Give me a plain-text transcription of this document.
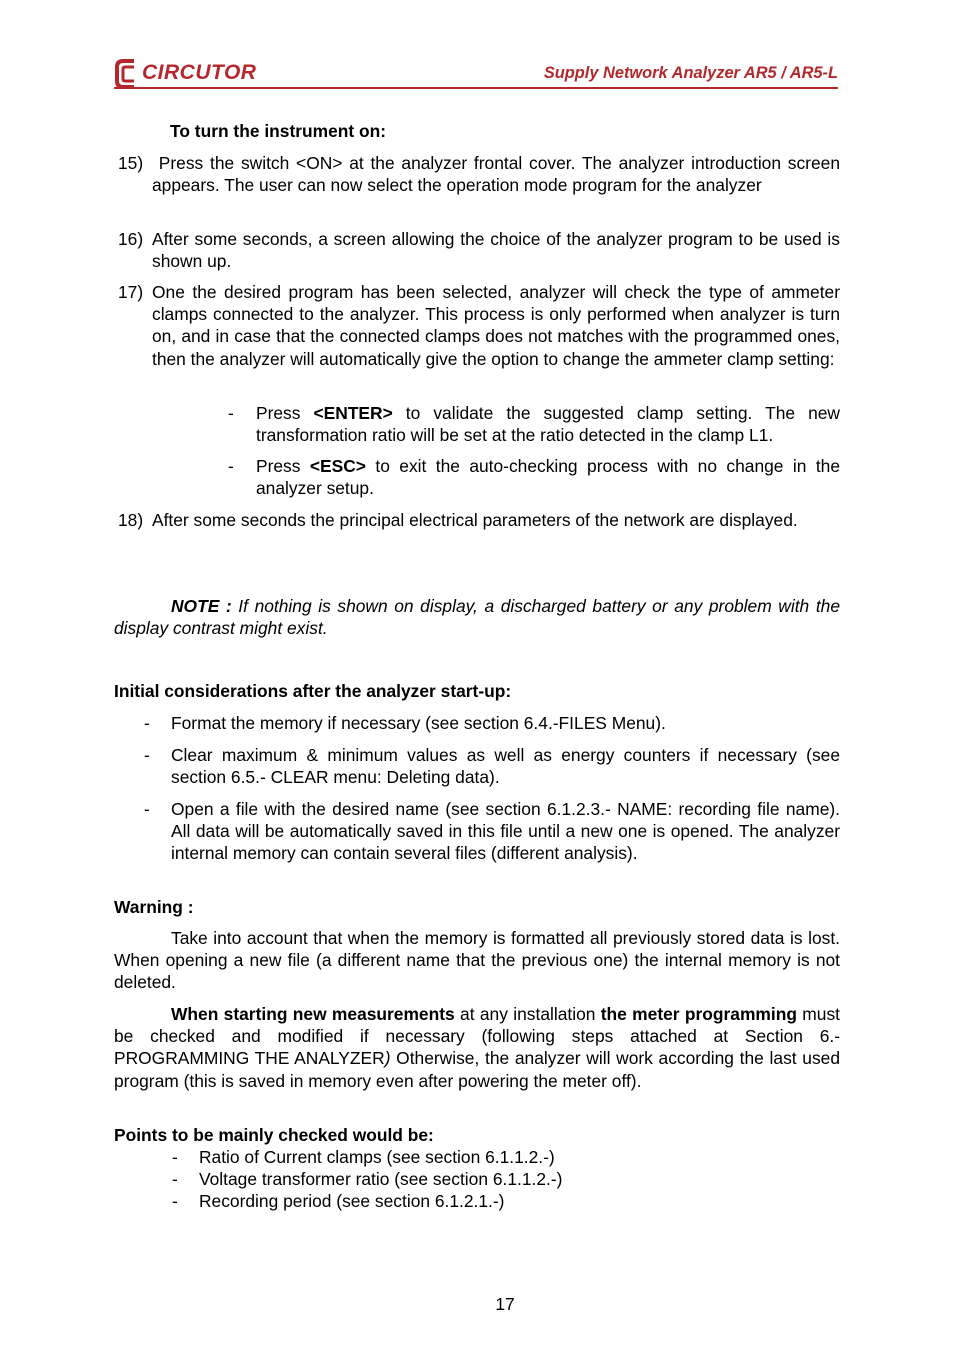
CIRCUTOR	Supply Network Analyzer AR5 / AR5-L
To turn the instrument on:
15) Press the switch <ON> at the analyzer frontal cover. The analyzer introduction screen appears. The user can now select the operation mode program for the analyzer
16) After some seconds, a screen allowing the choice of the analyzer program to be used is shown up.
17) One the desired program has been selected, analyzer will check the type of ammeter clamps connected to the analyzer. This process is only performed when analyzer is turn on, and in case that the connected clamps does not matches with the programmed ones, then the analyzer will automatically give the option to change the ammeter clamp setting:
- Press <ENTER> to validate the suggested clamp setting. The new transformation ratio will be set at the ratio detected in the clamp L1.
- Press <ESC> to exit the auto-checking process with no change in the analyzer setup.
18) After some seconds the principal electrical parameters of the network are displayed.
NOTE : If nothing is shown on display, a discharged battery or any problem with the display contrast might exist.
Initial considerations after the analyzer start-up:
- Format the memory if necessary (see section 6.4.-FILES Menu).
- Clear maximum & minimum values as well as energy counters if necessary (see section 6.5.- CLEAR menu: Deleting data).
- Open a file with the desired name (see section 6.1.2.3.- NAME: recording file name). All data will be automatically saved in this file until a new one is opened. The analyzer internal memory can contain several files (different analysis).
Warning :
Take into account that when the memory is formatted all previously stored data is lost. When opening a new file (a different name that the previous one) the internal memory is not deleted.
When starting new measurements at any installation the meter programming must be checked and modified if necessary (following steps attached at Section 6.- PROGRAMMING THE ANALYZER) Otherwise, the analyzer will work according the last used program (this is saved in memory even after powering the meter off).
Points to be mainly checked would be:
- Ratio of Current clamps (see section 6.1.1.2.-)
- Voltage transformer ratio (see section 6.1.1.2.-)
- Recording period (see section 6.1.2.1.-)
17
